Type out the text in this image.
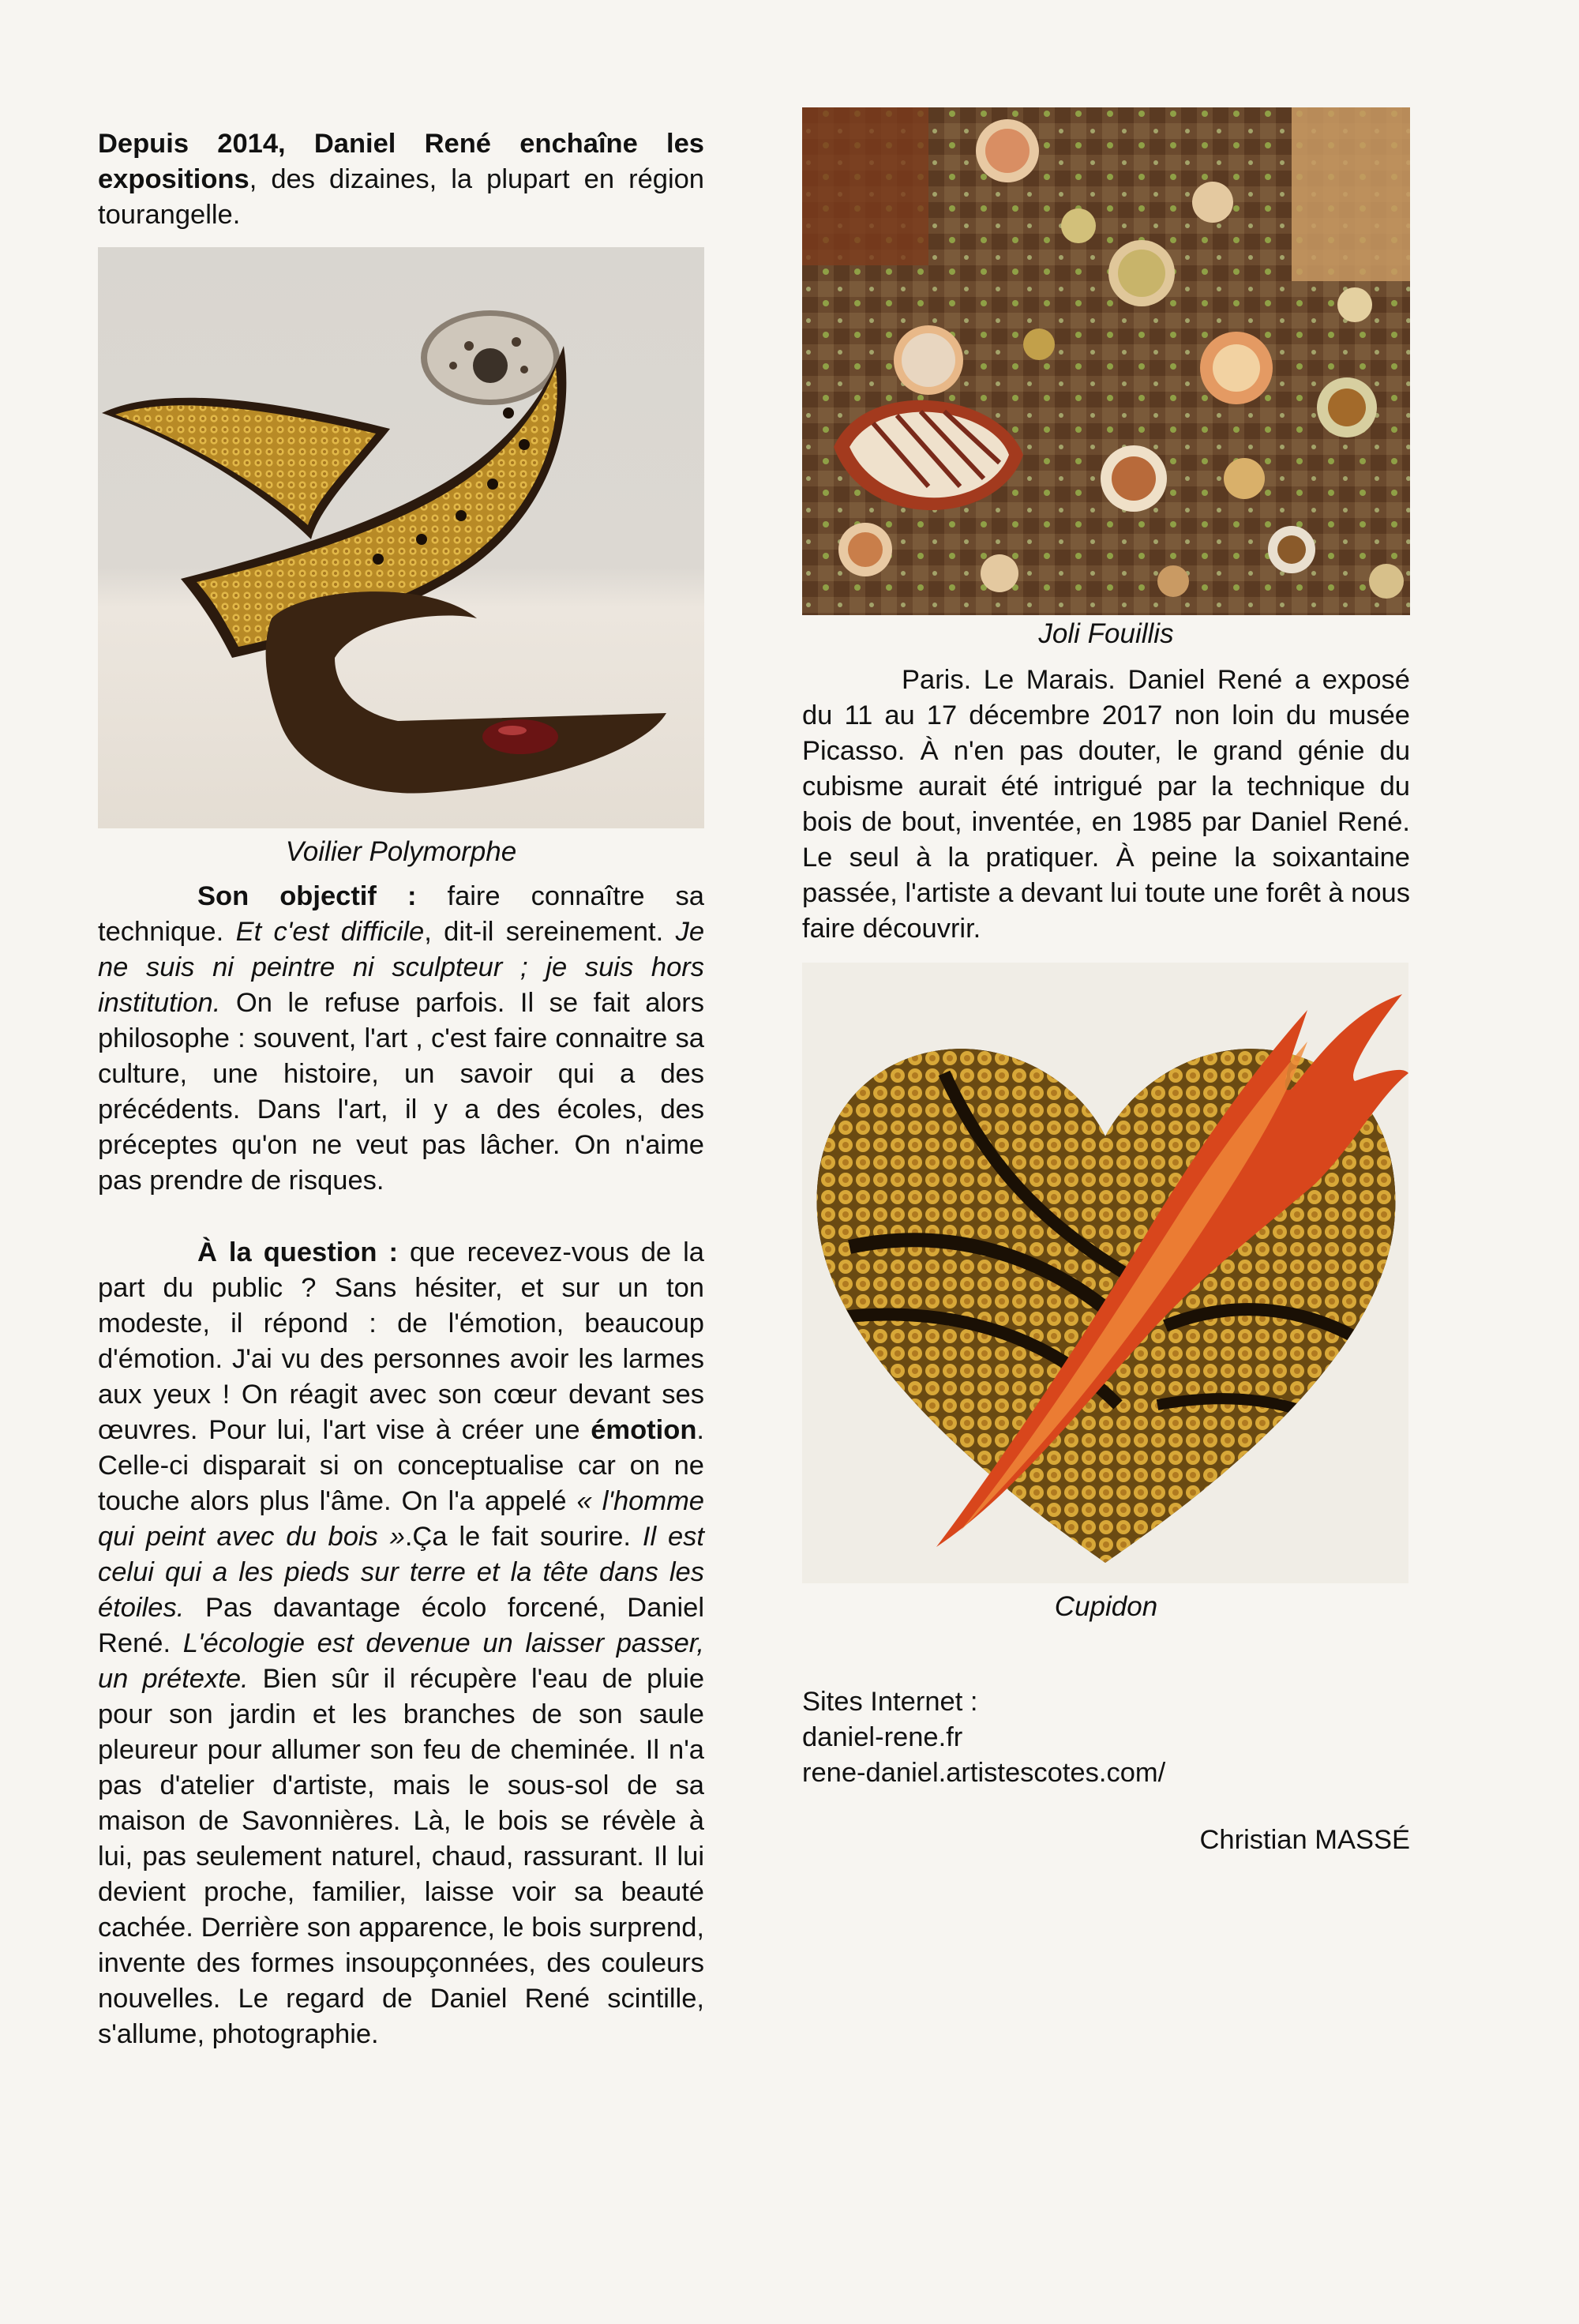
Depuis 2014, Daniel René enchaîne les expositions, des dizaines, la plupart en région tourangelle.

Voilier Polymorphe

Son objectif : faire connaître sa technique. Et c'est difficile, dit-il sereinement. Je ne suis ni peintre ni sculpteur ; je suis hors institution. On le refuse parfois. Il se fait alors philosophe : souvent, l'art , c'est faire connaitre sa culture, une histoire, un savoir qui a des précédents. Dans l'art, il y a des écoles, des préceptes qu'on ne veut pas lâcher. On n'aime pas prendre de risques.

À la question : que recevez-vous de la part du public ? Sans hésiter, et sur un ton modeste, il répond : de l'émotion, beaucoup d'émotion. J'ai vu des personnes avoir les larmes aux yeux ! On réagit avec son cœur devant ses œuvres. Pour lui, l'art vise à créer une émotion. Celle-ci disparait si on conceptualise car on ne touche alors plus l'âme. On l'a appelé « l'homme qui peint avec du bois ».Ça le fait sourire. Il est celui qui a les pieds sur terre et la tête dans les étoiles. Pas davantage écolo forcené, Daniel René. L'écologie est devenue un laisser passer, un prétexte. Bien sûr il récupère l'eau de pluie pour son jardin et les branches de son saule pleureur pour allumer son feu de cheminée. Il n'a pas d'atelier d'artiste, mais le sous-sol de sa maison de Savonnières. Là, le bois se révèle à lui, pas seulement naturel, chaud, rassurant. Il lui devient proche, familier, laisse voir sa beauté cachée. Derrière son apparence, le bois surprend, invente des formes insoupçonnées, des couleurs nouvelles. Le regard de Daniel René scintille, s'allume, photographie.

Joli Fouillis

Paris. Le Marais. Daniel René a exposé du 11 au 17 décembre 2017 non loin du musée Picasso. À n'en pas douter, le grand génie du cubisme aurait été intrigué par la technique du bois de bout, inventée, en 1985 par Daniel René. Le seul à la pratiquer. À peine la soixantaine passée, l'artiste a devant lui toute une forêt à nous faire découvrir.

Cupidon

Sites Internet :
daniel-rene.fr
rene-daniel.artistescotes.com/
Christian MASSÉ
